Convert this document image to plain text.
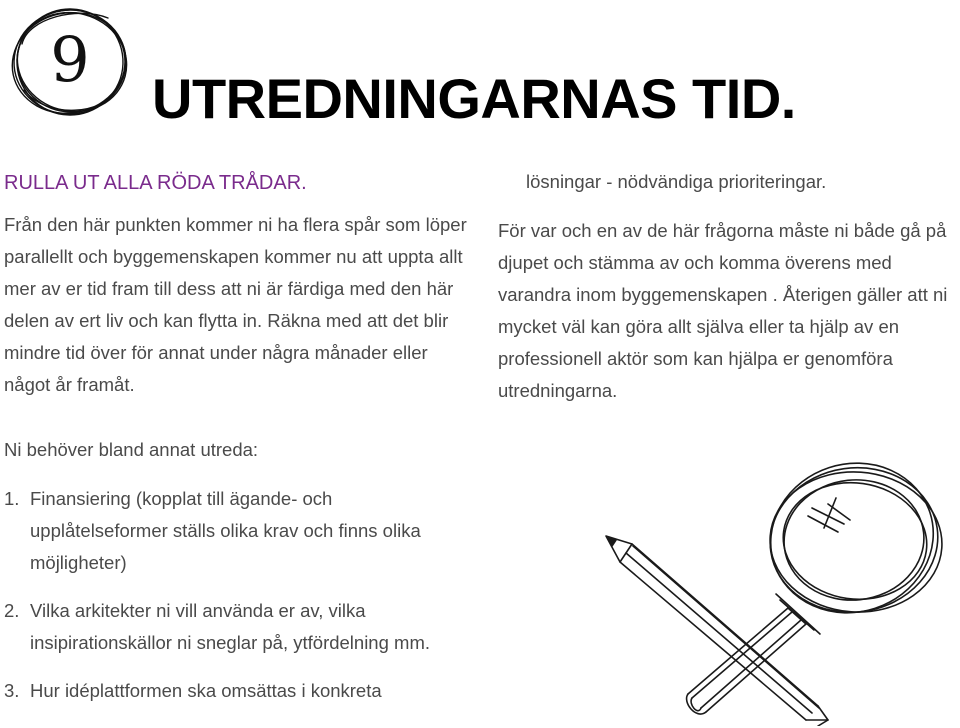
9
UTREDNINGARNAS TID.
RULLA UT ALLA RÖDA TRÅDAR.

Från den här punkten kommer ni ha flera spår som löper parallellt och byggemenskapen kommer nu att uppta allt mer av er tid fram till dess att ni är färdiga med den här delen av ert liv och kan flytta in. Räkna med att det blir mindre tid över för annat under några månader eller något år framåt.

Ni behöver bland annat utreda:

1. Finansiering (kopplat till ägande- och upplåtelseformer ställs olika krav och finns olika möjligheter)
2. Vilka arkitekter ni vill använda er av, vilka insipirationskällor ni sneglar på, ytfördelning mm.
3. Hur idéplattformen ska omsättas i konkreta

lösningar - nödvändiga prioriteringar.

För var och en av de här frågorna måste ni både gå på djupet och stämma av och komma överens med varandra inom byggemenskapen . Återigen gäller att ni mycket väl kan göra allt själva eller ta hjälp av en professionell aktör som kan hjälpa er genomföra utredningarna.
